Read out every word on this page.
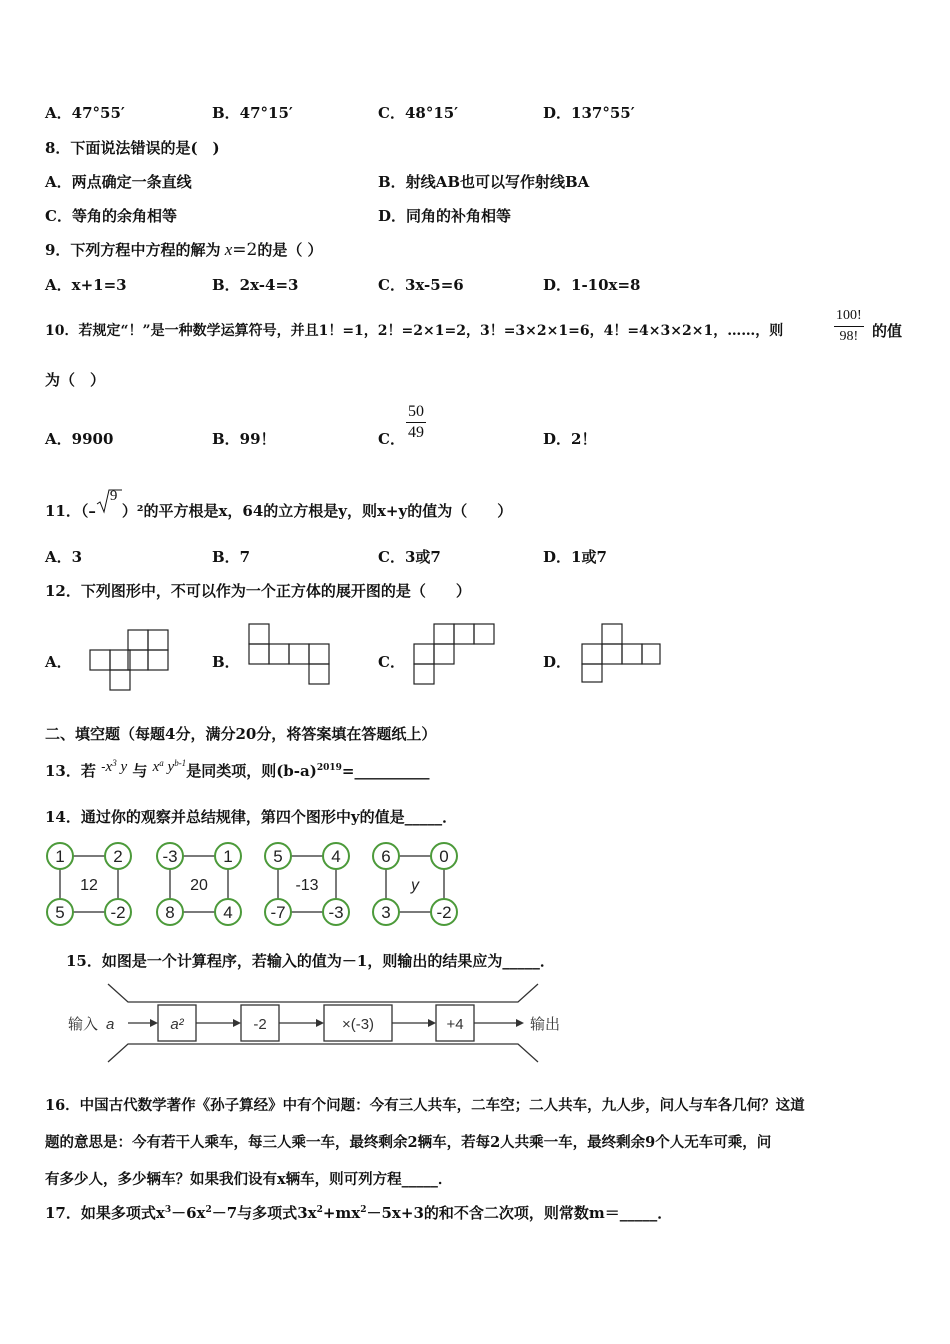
A．47°55′	B．47°15′	C．48°15′	D．137°55′
8．下面说法错误的是(　)
A．两点确定一条直线	B．射线AB也可以写作射线BA
C．等角的余角相等	D．同角的补角相等
9．下列方程中方程的解为 x=2的是（ ）
A．x+1=3	B．2x-4=3	C．3x-5=6	D．1-10x=8
10．若规定“！”是一种数学运算符号，并且1！=1，2！=2×1=2，3！=3×2×1=6，4！=4×3×2×1，……，则	$\frac{100!}{98!}$ 的值
为（　）
A．9900	B．99！	C． $\frac{50}{49}$	D．2！
11．（–
9
）²的平方根是x，64的立方根是y，则x+y的值为（　　）
A．3	B．7	C．3或7	D．1或7
12．下列图形中，不可以作为一个正方体的展开图的是（　　）
A．	B．	C．	D．
二、填空题（每题4分，满分20分，将答案填在答题纸上）
13．若 $-x^3$ y 与 $x^a$ $y^{b-1}$是同类项，则$(b-a)^{2019}=\_\_\_\_\_\_\_\_\_\_$
14．通过你的观察并总结规律，第四个图形中y的值是_____．
1	2
5	-2
12
-3	1
8	4
20
5	4
-7	-3
-13
6	0
3	-2
y
15．如图是一个计算程序，若输入的值为－1，则输出的结果应为_____．
输入 a	a²	-2	×(-3)	+4	输出
16．中国古代数学著作《孙子算经》中有个问题：今有三人共车，二车空；二人共车，九人步，问人与车各几何？这道
题的意思是：今有若干人乘车，每三人乘一车，最终剩余2辆车，若每2人共乘一车，最终剩余9个人无车可乘，问
有多少人，多少辆车？如果我们设有x辆车，则可列方程_____．
17．如果多项式$x^3-6x^2-7$与多项式$3x^2+mx^2-5x+3$的和不含二次项，则常数m＝_____．
